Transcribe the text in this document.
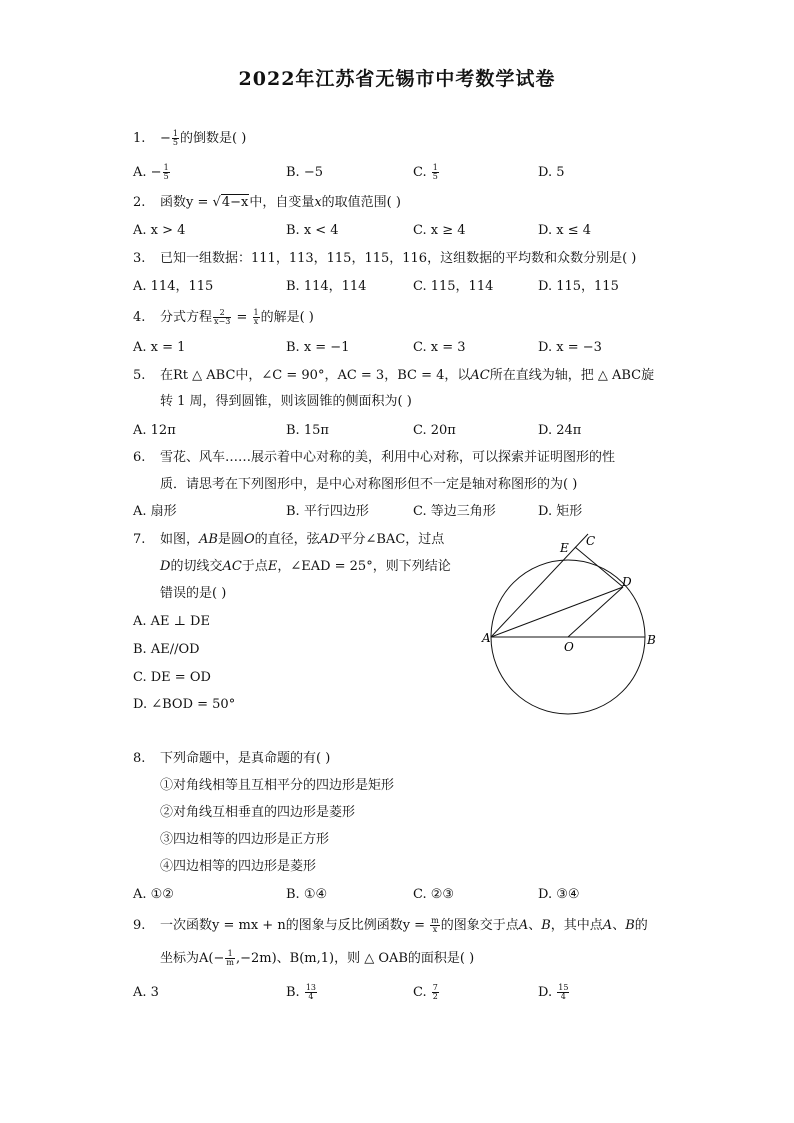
2022年江苏省无锡市中考数学试卷
1. − $\frac{1}{5}$ 的倒数是( )
A. − $\frac{1}{5}$	B. −5	C. $\frac{1}{5}$	D. 5
2. 函数y = √4−x中，自变量x的取值范围( )
A. x > 4	B. x < 4	C. x ≥ 4	D. x ≤ 4
3. 已知一组数据：111，113，115，115，116，这组数据的平均数和众数分别是( )
A. 114，115	B. 114，114	C. 115，114	D. 115，115
4. 分式方程 $\frac{2}{x-3} = \frac{1}{x}$ 的解是( )
A. x = 1	B. x = −1	C. x = 3	D. x = −3
5. 在Rt △ ABC中，∠C = 90°，AC = 3，BC = 4，以AC所在直线为轴，把 △ ABC旋
转 1 周，得到圆锥，则该圆锥的侧面积为( )
A. 12π	B. 15π	C. 20π	D. 24π
6. 雪花、风车……展示着中心对称的美，利用中心对称，可以探索并证明图形的性
质．请思考在下列图形中，是中心对称图形但不一定是轴对称图形的为( )
A. 扇形	B. 平行四边形	C. 等边三角形	D. 矩形
7. 如图，AB是圆O的直径，弦AD平分∠BAC，过点
D的切线交AC于点E，∠EAD = 25°，则下列结论
错误的是( )
A. AE ⊥ DE
B. AE//OD
C. DE = OD
D. ∠BOD = 50°
E C
D
A
O	B
8. 下列命题中，是真命题的有( )
①对角线相等且互相平分的四边形是矩形
②对角线互相垂直的四边形是菱形
③四边相等的四边形是正方形
④四边相等的四边形是菱形
A. ①②	B. ①④	C. ②③	D. ③④
9. 一次函数y = mx + n的图象与反比例函数$y = \frac{m}{x}$ 的图象交于点A、B，其中点A、B的
坐标为$A(- \frac{1}{m} ,-2m)$、B(m,1)，则 △ OAB的面积是( )
A. 3	B. $\frac{13}{4}$	C. $\frac{7}{2}$	D. $\frac{15}{4}$
